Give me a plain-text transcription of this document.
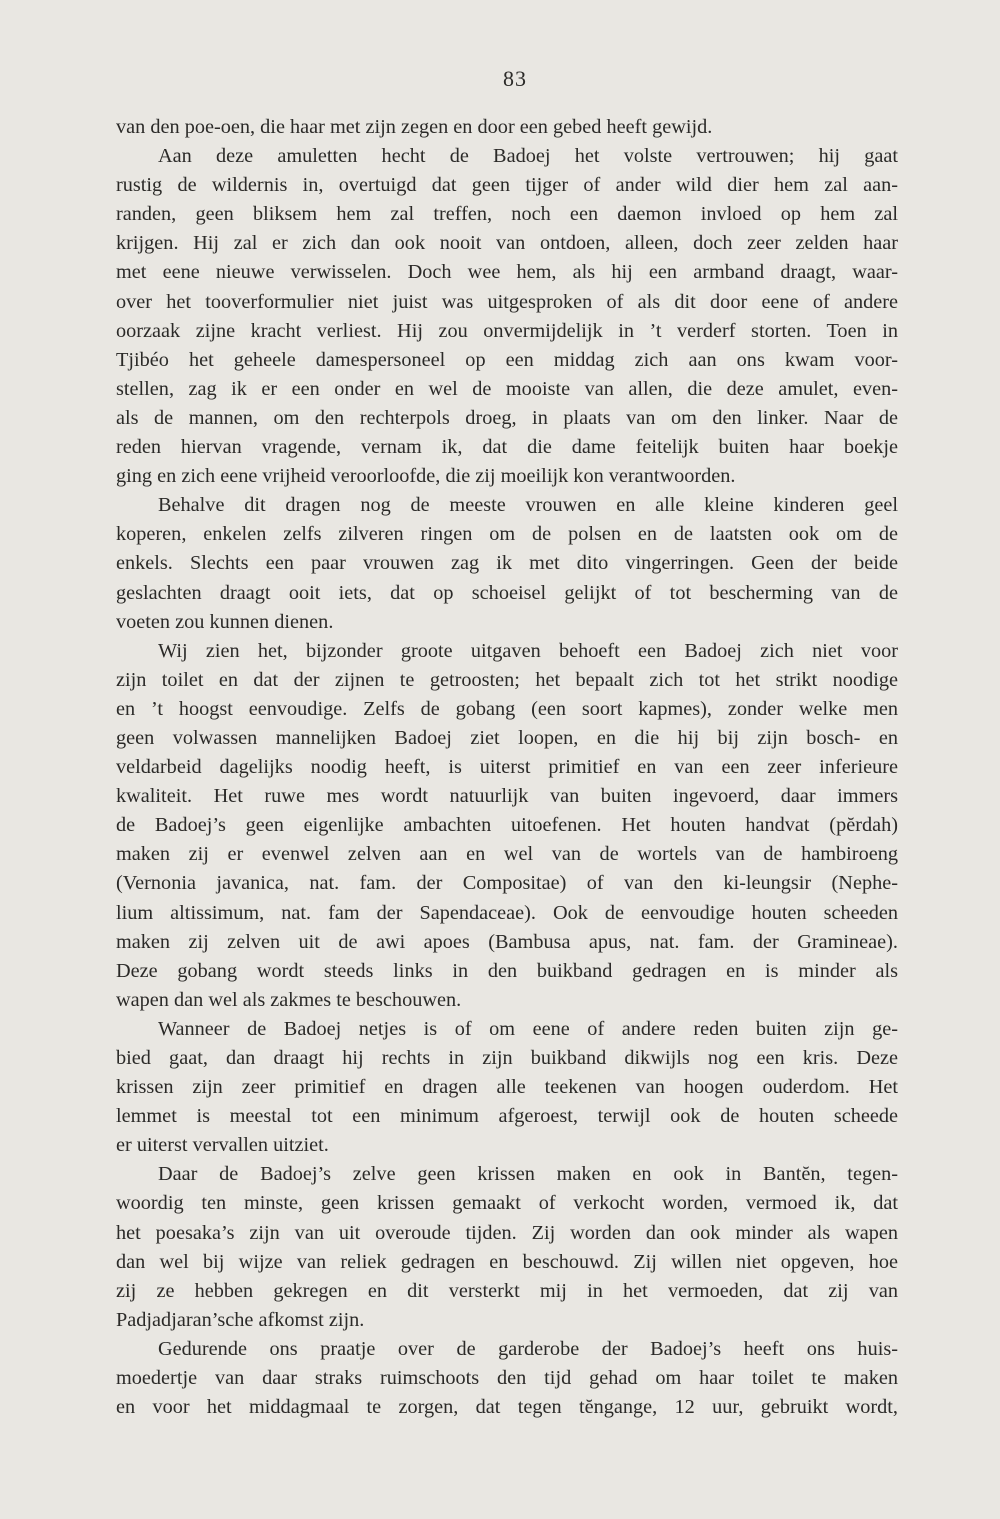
83
van den poe-oen, die haar met zijn zegen en door een gebed heeft gewijd.
Aan deze amuletten hecht de Badoej het volste vertrouwen; hij gaat
rustig de wildernis in, overtuigd dat geen tijger of ander wild dier hem zal aan-
randen, geen bliksem hem zal treffen, noch een daemon invloed op hem zal
krijgen. Hij zal er zich dan ook nooit van ontdoen, alleen, doch zeer zelden haar
met eene nieuwe verwisselen. Doch wee hem, als hij een armband draagt, waar-
over het tooverformulier niet juist was uitgesproken of als dit door eene of andere
oorzaak zijne kracht verliest. Hij zou onvermijdelijk in ’t verderf storten. Toen in
Tjibéo het geheele damespersoneel op een middag zich aan ons kwam voor-
stellen, zag ik er een onder en wel de mooiste van allen, die deze amulet, even-
als de mannen, om den rechterpols droeg, in plaats van om den linker. Naar de
reden hiervan vragende, vernam ik, dat die dame feitelijk buiten haar boekje
ging en zich eene vrijheid veroorloofde, die zij moeilijk kon verantwoorden.
Behalve dit dragen nog de meeste vrouwen en alle kleine kinderen geel
koperen, enkelen zelfs zilveren ringen om de polsen en de laatsten ook om de
enkels. Slechts een paar vrouwen zag ik met dito vingerringen. Geen der beide
geslachten draagt ooit iets, dat op schoeisel gelijkt of tot bescherming van de
voeten zou kunnen dienen.
Wij zien het, bijzonder groote uitgaven behoeft een Badoej zich niet voor
zijn toilet en dat der zijnen te getroosten; het bepaalt zich tot het strikt noodige
en ’t hoogst eenvoudige. Zelfs de gobang (een soort kapmes), zonder welke men
geen volwassen mannelijken Badoej ziet loopen, en die hij bij zijn bosch- en
veldarbeid dagelijks noodig heeft, is uiterst primitief en van een zeer inferieure
kwaliteit. Het ruwe mes wordt natuurlijk van buiten ingevoerd, daar immers
de Badoej’s geen eigenlijke ambachten uitoefenen. Het houten handvat (pĕrdah)
maken zij er evenwel zelven aan en wel van de wortels van de hambiroeng
(Vernonia javanica, nat. fam. der Compositae) of van den ki-leungsir (Nephe-
lium altissimum, nat. fam der Sapendaceae). Ook de eenvoudige houten scheeden
maken zij zelven uit de awi apoes (Bambusa apus, nat. fam. der Gramineae).
Deze gobang wordt steeds links in den buikband gedragen en is minder als
wapen dan wel als zakmes te beschouwen.
Wanneer de Badoej netjes is of om eene of andere reden buiten zijn ge-
bied gaat, dan draagt hij rechts in zijn buikband dikwijls nog een kris. Deze
krissen zijn zeer primitief en dragen alle teekenen van hoogen ouderdom. Het
lemmet is meestal tot een minimum afgeroest, terwijl ook de houten scheede
er uiterst vervallen uitziet.
Daar de Badoej’s zelve geen krissen maken en ook in Bantĕn, tegen-
woordig ten minste, geen krissen gemaakt of verkocht worden, vermoed ik, dat
het poesaka’s zijn van uit overoude tijden. Zij worden dan ook minder als wapen
dan wel bij wijze van reliek gedragen en beschouwd. Zij willen niet opgeven, hoe
zij ze hebben gekregen en dit versterkt mij in het vermoeden, dat zij van
Padjadjaran’sche afkomst zijn.
Gedurende ons praatje over de garderobe der Badoej’s heeft ons huis-
moedertje van daar straks ruimschoots den tijd gehad om haar toilet te maken
en voor het middagmaal te zorgen, dat tegen tĕngange, 12 uur, gebruikt wordt,
